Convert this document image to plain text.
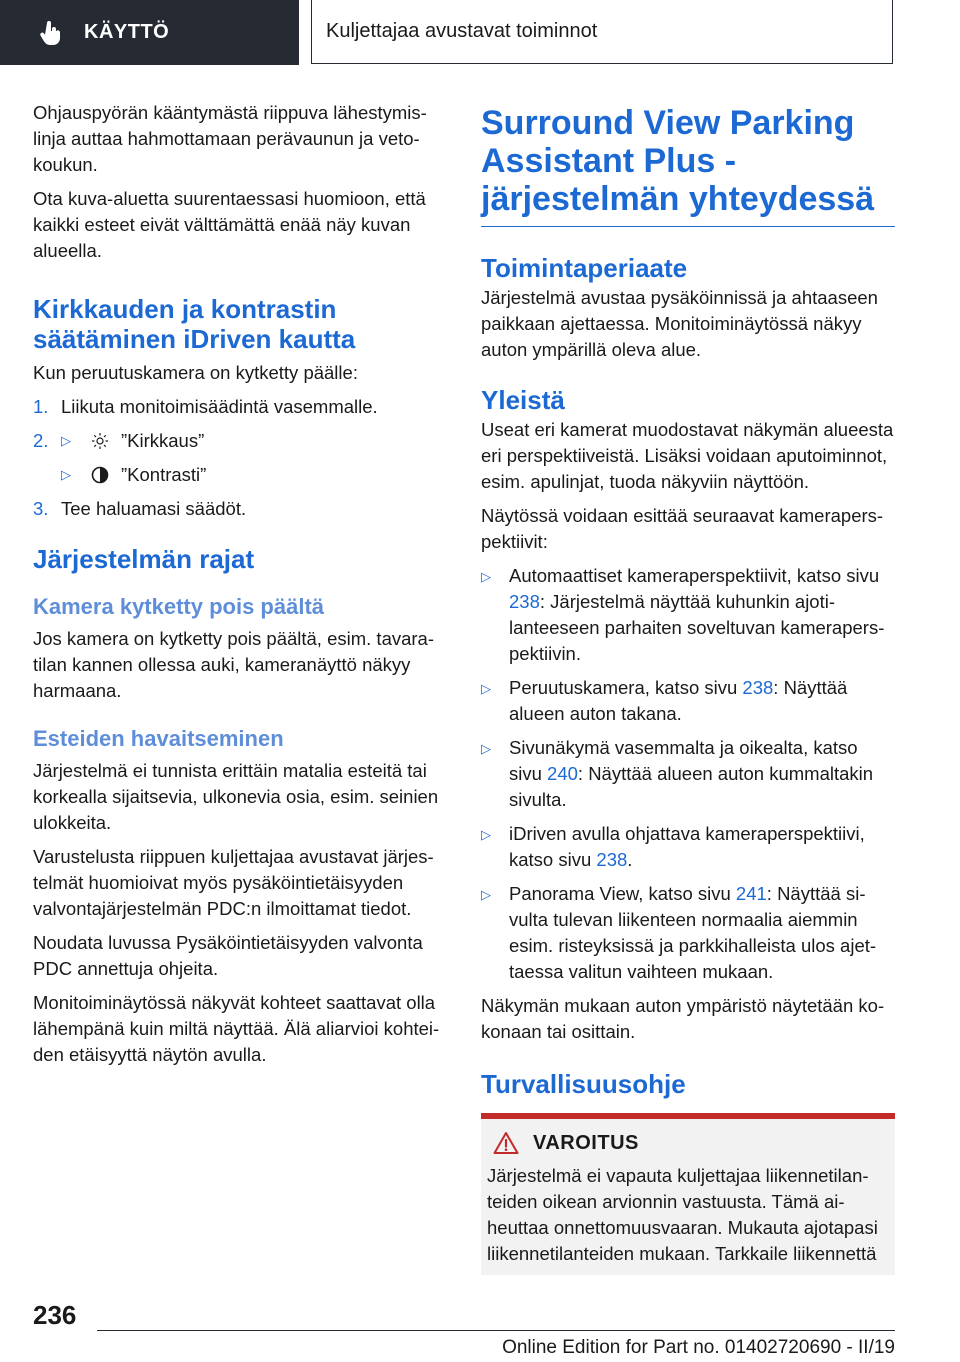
KÄYTTÖ	Kuljettajaa avustavat toiminnot

Ohjauspyörän kääntymästä riippuva lähestymislinja auttaa hahmottamaan perävaunun ja vetokoukun.

Ota kuva-aluetta suurentaessasi huomioon, että kaikki esteet eivät välttämättä enää näy kuvan alueella.

Kirkkauden ja kontrastin säätäminen iDriven kautta

Kun peruutuskamera on kytketty päälle:

1. Liikuta monitoimisäädintä vasemmalle.
2. ▷	”Kirkkaus”
▷	”Kontrasti”
3. Tee haluamasi säädöt.
Järjestelmän rajat
Kamera kytketty pois päältä

Jos kamera on kytketty pois päältä, esim. tavaratilan kannen ollessa auki, kameranäyttö näkyy harmaana.

Esteiden havaitseminen

Järjestelmä ei tunnista erittäin matalia esteitä tai korkealla sijaitsevia, ulkonevia osia, esim. seinien ulokkeita.

Varustelusta riippuen kuljettajaa avustavat järjestelmät huomioivat myös pysäköintietäisyyden valvontajärjestelmän PDC:n ilmoittamat tiedot.

Noudata luvussa Pysäköintietäisyyden valvonta PDC annettuja ohjeita.

Monitoiminäytössä näkyvät kohteet saattavat olla lähempänä kuin miltä näyttää. Älä aliarvioi kohteiden etäisyyttä näytön avulla.

Surround View Parking Assistant Plus -järjestelmän yhteydessä
Toimintaperiaate

Järjestelmä avustaa pysäköinnissä ja ahtaaseen paikkaan ajettaessa. Monitoiminäytössä näkyy auton ympärillä oleva alue.

Yleistä

Useat eri kamerat muodostavat näkymän alueesta eri perspektiiveistä. Lisäksi voidaan aputoiminnot, esim. apulinjat, tuoda näkyviin näyttöön.

Näytössä voidaan esittää seuraavat kameraperspektiivit:

▷ Automaattiset kameraperspektiivit, katso sivu 238: Järjestelmä näyttää kuhunkin ajotilanteeseen parhaiten soveltuvan kameraperspektiivin.
▷ Peruutuskamera, katso sivu 238: Näyttää alueen auton takana.
▷ Sivunäkymä vasemmalta ja oikealta, katso sivu 240: Näyttää alueen auton kummaltakin sivulta.
▷ iDriven avulla ohjattava kameraperspektiivi, katso sivu 238.
▷ Panorama View, katso sivu 241: Näyttää sivulta tulevan liikenteen normaalia aiemmin esim. risteyksissä ja parkkihalleista ulos ajettaessa valitun vaihteen mukaan.

Näkymän mukaan auton ympäristö näytetään kokonaan tai osittain.

Turvallisuusohje
VAROITUS

Järjestelmä ei vapauta kuljettajaa liikennetilanteiden oikean arvionnin vastuusta. Tämä aiheuttaa onnettomuusvaaran. Mukauta ajotapasi liikennetilanteiden mukaan. Tarkkaile liikennettä

236
Online Edition for Part no. 01402720690 - II/19
